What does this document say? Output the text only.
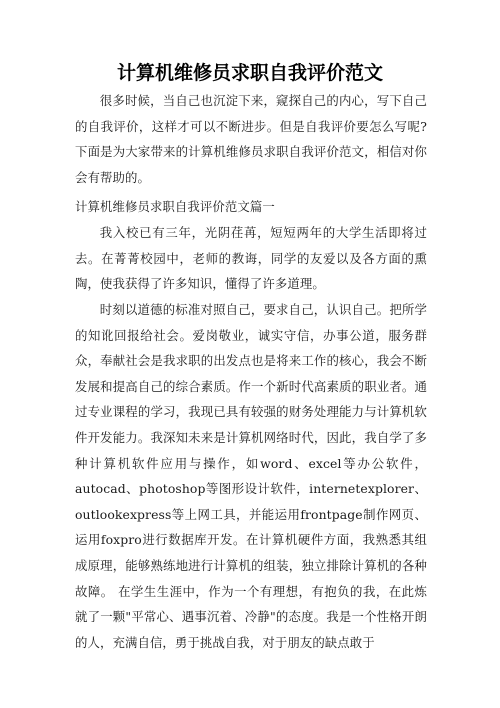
计算机维修员求职自我评价范文
很多时候，当自己也沉淀下来，窥探自己的内心，写下自己的自我评价，这样才可以不断进步。但是自我评价要怎么写呢?下面是为大家带来的计算机维修员求职自我评价范文，相信对你会有帮助的。
计算机维修员求职自我评价范文篇一
我入校已有三年，光阴荏苒，短短两年的大学生活即将过去。在菁菁校园中，老师的教诲，同学的友爱以及各方面的熏陶，使我获得了许多知识，懂得了许多道理。
时刻以道德的标准对照自己，要求自己，认识自己。把所学的知讹回报给社会。爱岗敬业，诚实守信，办事公道，服务群众，奉献社会是我求职的出发点也是将来工作的核心，我会不断发展和提高自己的综合素质。作一个新时代高素质的职业者。通过专业课程的学习，我现已具有较强的财务处理能力与计算机软件开发能力。我深知未来是计算机网络时代，因此，我自学了多种计算机软件应用与操作，如word、excel等办公软件，autocad、photoshop等图形设计软件，internetexplorer、outlookexpress等上网工具，并能运用frontpage制作网页、运用foxpro进行数据库开发。在计算机硬件方面，我熟悉其组成原理，能够熟练地进行计算机的组装，独立排除计算机的各种故障。 在学生生涯中，作为一个有理想，有抱负的我，在此炼就了一颗"平常心、遇事沉着、冷静"的态度。我是一个性格开朗的人，充满自信，勇于挑战自我，对于朋友的缺点敢于
